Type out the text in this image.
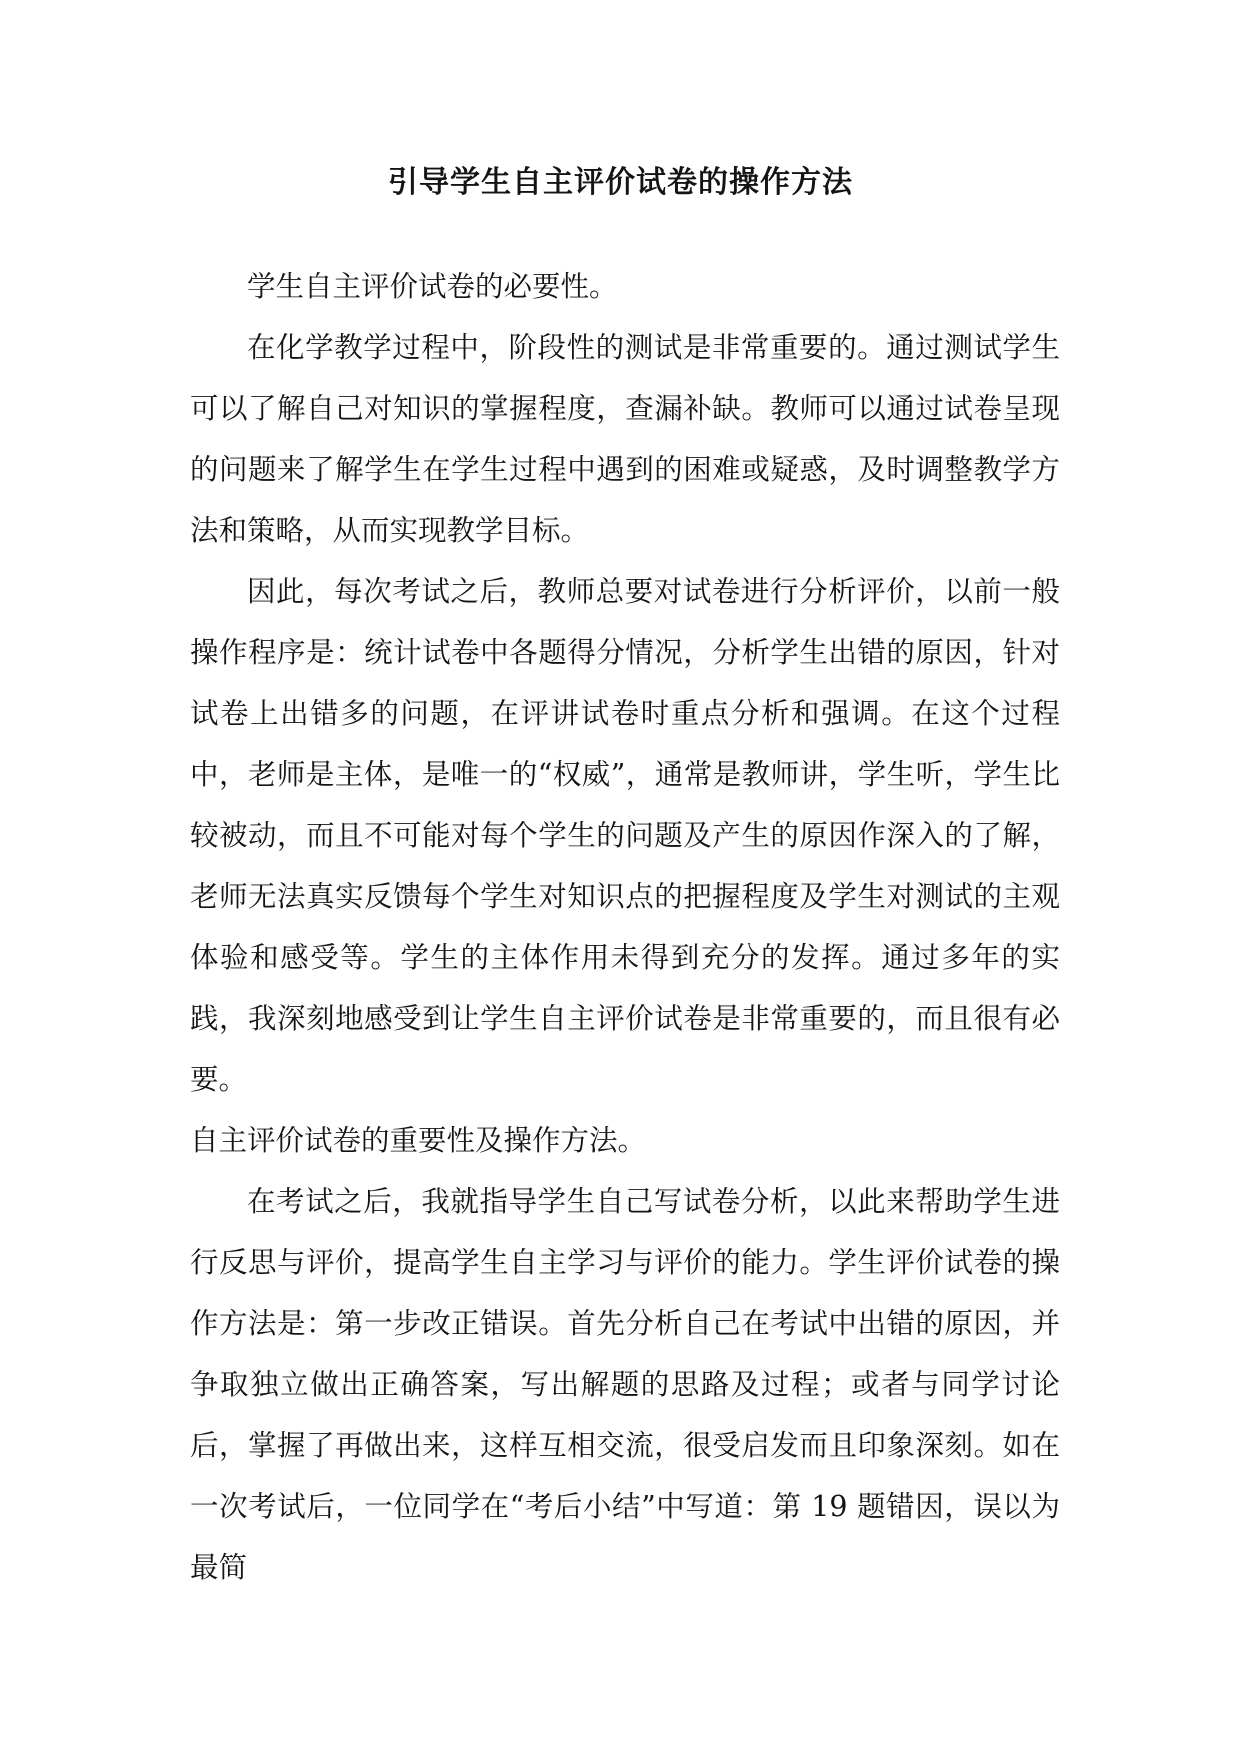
引导学生自主评价试卷的操作方法

学生自主评价试卷的必要性。

在化学教学过程中，阶段性的测试是非常重要的。通过测试学生可以了解自己对知识的掌握程度，查漏补缺。教师可以通过试卷呈现的问题来了解学生在学生过程中遇到的困难或疑惑，及时调整教学方法和策略，从而实现教学目标。

因此，每次考试之后，教师总要对试卷进行分析评价，以前一般操作程序是：统计试卷中各题得分情况，分析学生出错的原因，针对试卷上出错多的问题，在评讲试卷时重点分析和强调。在这个过程中，老师是主体，是唯一的“权威”，通常是教师讲，学生听，学生比较被动，而且不可能对每个学生的问题及产生的原因作深入的了解，老师无法真实反馈每个学生对知识点的把握程度及学生对测试的主观体验和感受等。学生的主体作用未得到充分的发挥。通过多年的实践，我深刻地感受到让学生自主评价试卷是非常重要的，而且很有必要。

自主评价试卷的重要性及操作方法。

在考试之后，我就指导学生自己写试卷分析，以此来帮助学生进行反思与评价，提高学生自主学习与评价的能力。学生评价试卷的操作方法是：第一步改正错误。首先分析自己在考试中出错的原因，并争取独立做出正确答案，写出解题的思路及过程；或者与同学讨论后，掌握了再做出来，这样互相交流，很受启发而且印象深刻。如在一次考试后，一位同学在“考后小结”中写道：第 19 题错因，误以为最简
